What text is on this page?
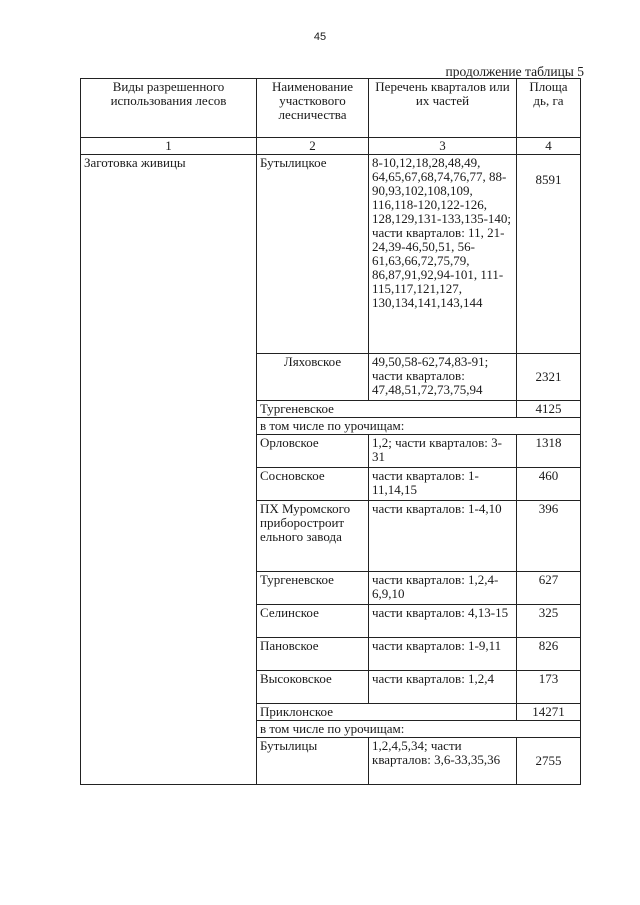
45
продолжение таблицы 5
Виды разрешенного использования лесов	Наименование участкового лесничества	Перечень кварталов или их частей	Площа дь, га
1	2	3	4
Заготовка живицы	Бутылицкое	8-10,12,18,28,48,49, 64,65,67,68,74,76,77, 88-90,93,102,108,109, 116,118-120,122-126, 128,129,131-133,135-140; части кварталов: 11, 21-24,39-46,50,51, 56-61,63,66,72,75,79, 86,87,91,92,94-101, 111-115,117,121,127, 130,134,141,143,144	8591
	Ляховское	49,50,58-62,74,83-91; части кварталов: 47,48,51,72,73,75,94	2321
	Тургеневское		4125
	в том числе по урочищам:		
	Орловское	1,2; части кварталов: 3-31	1318
	Сосновское	части кварталов: 1-11,14,15	460
	ПХ Муромского приборостроит ельного завода	части кварталов: 1-4,10	396
	Тургеневское	части кварталов: 1,2,4-6,9,10	627
	Селинское	части кварталов: 4,13-15	325
	Пановское	части кварталов: 1-9,11	826
	Высоковское	части кварталов: 1,2,4	173
	Приклонское		14271
	в том числе по урочищам:		
	Бутылицы	1,2,4,5,34; части кварталов: 3,6-33,35,36	2755
